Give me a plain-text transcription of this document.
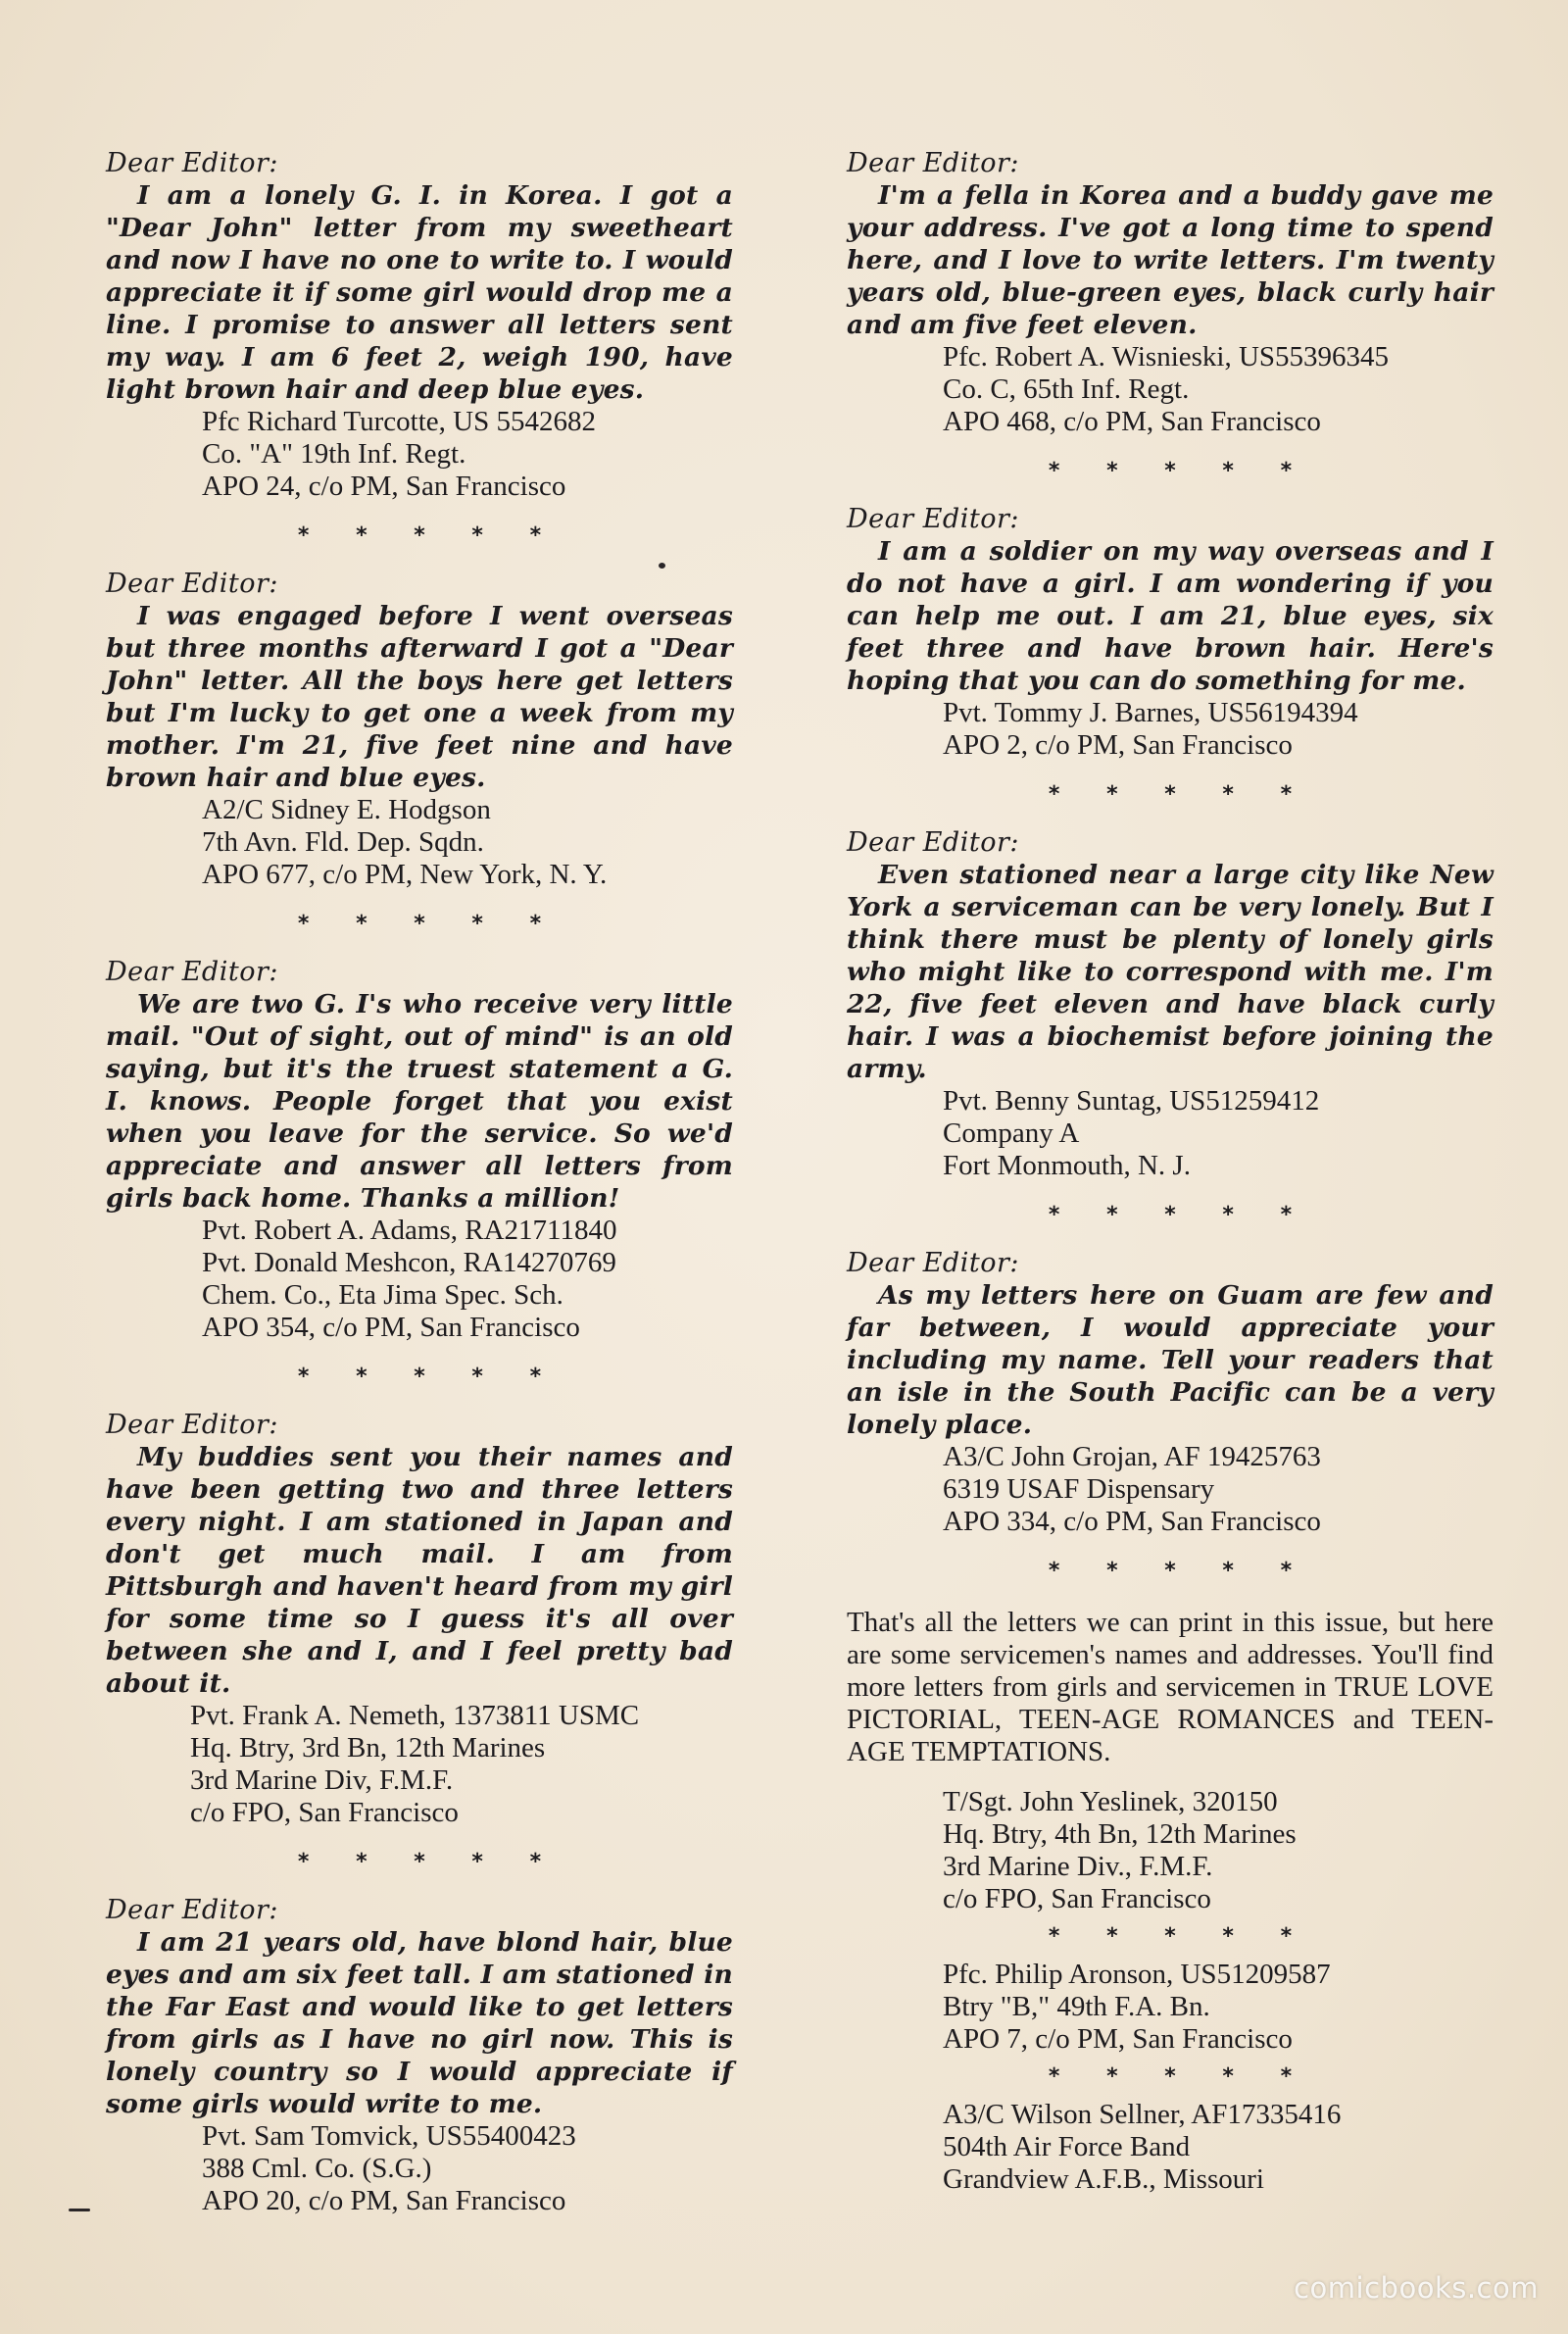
Dear Editor:

I am a lonely G. I. in Korea. I got a "Dear John" letter from my sweetheart and now I have no one to write to. I would appreciate it if some girl would drop me a line. I promise to answer all letters sent my way. I am 6 feet 2, weigh 190, have light brown hair and deep blue eyes.

Pfc Richard Turcotte, US 5542682
Co. "A" 19th Inf. Regt.
APO 24, c/o PM, San Francisco
* * * * *
Dear Editor:

I was engaged before I went overseas but three months afterward I got a "Dear John" letter. All the boys here get letters but I'm lucky to get one a week from my mother. I'm 21, five feet nine and have brown hair and blue eyes.

A2/C Sidney E. Hodgson
7th Avn. Fld. Dep. Sqdn.
APO 677, c/o PM, New York, N. Y.
* * * * *
Dear Editor:

We are two G. I's who receive very little mail. "Out of sight, out of mind" is an old saying, but it's the truest statement a G. I. knows. People forget that you exist when you leave for the service. So we'd appreciate and answer all letters from girls back home. Thanks a million!

Pvt. Robert A. Adams, RA21711840
Pvt. Donald Meshcon, RA14270769
Chem. Co., Eta Jima Spec. Sch.
APO 354, c/o PM, San Francisco
* * * * *
Dear Editor:

My buddies sent you their names and have been getting two and three letters every night. I am stationed in Japan and don't get much mail. I am from Pittsburgh and haven't heard from my girl for some time so I guess it's all over between she and I, and I feel pretty bad about it.

Pvt. Frank A. Nemeth, 1373811 USMC
Hq. Btry, 3rd Bn, 12th Marines
3rd Marine Div, F.M.F.
c/o FPO, San Francisco
* * * * *
Dear Editor:

I am 21 years old, have blond hair, blue eyes and am six feet tall. I am stationed in the Far East and would like to get letters from girls as I have no girl now. This is lonely country so I would appreciate if some girls would write to me.

Pvt. Sam Tomvick, US55400423
388 Cml. Co. (S.G.)
APO 20, c/o PM, San Francisco
Dear Editor:

I'm a fella in Korea and a buddy gave me your address. I've got a long time to spend here, and I love to write letters. I'm twenty years old, blue-green eyes, black curly hair and am five feet eleven.

Pfc. Robert A. Wisnieski, US55396345
Co. C, 65th Inf. Regt.
APO 468, c/o PM, San Francisco
* * * * *
Dear Editor:

I am a soldier on my way overseas and I do not have a girl. I am wondering if you can help me out. I am 21, blue eyes, six feet three and have brown hair. Here's hoping that you can do something for me.

Pvt. Tommy J. Barnes, US56194394
APO 2, c/o PM, San Francisco
* * * * *
Dear Editor:

Even stationed near a large city like New York a serviceman can be very lonely. But I think there must be plenty of lonely girls who might like to correspond with me. I'm 22, five feet eleven and have black curly hair. I was a biochemist before joining the army.

Pvt. Benny Suntag, US51259412
Company A
Fort Monmouth, N. J.
* * * * *
Dear Editor:

As my letters here on Guam are few and far between, I would appreciate your including my name. Tell your readers that an isle in the South Pacific can be a very lonely place.

A3/C John Grojan, AF 19425763
6319 USAF Dispensary
APO 334, c/o PM, San Francisco
* * * * *

That's all the letters we can print in this issue, but here are some servicemen's names and addresses. You'll find more letters from girls and servicemen in TRUE LOVE PICTORIAL, TEEN-AGE ROMANCES and TEEN-AGE TEMPTATIONS.

T/Sgt. John Yeslinek, 320150
Hq. Btry, 4th Bn, 12th Marines
3rd Marine Div., F.M.F.
c/o FPO, San Francisco
* * * * *
Pfc. Philip Aronson, US51209587
Btry "B," 49th F.A. Bn.
APO 7, c/o PM, San Francisco
* * * * *
A3/C Wilson Sellner, AF17335416
504th Air Force Band
Grandview A.F.B., Missouri
comicbooks.com
